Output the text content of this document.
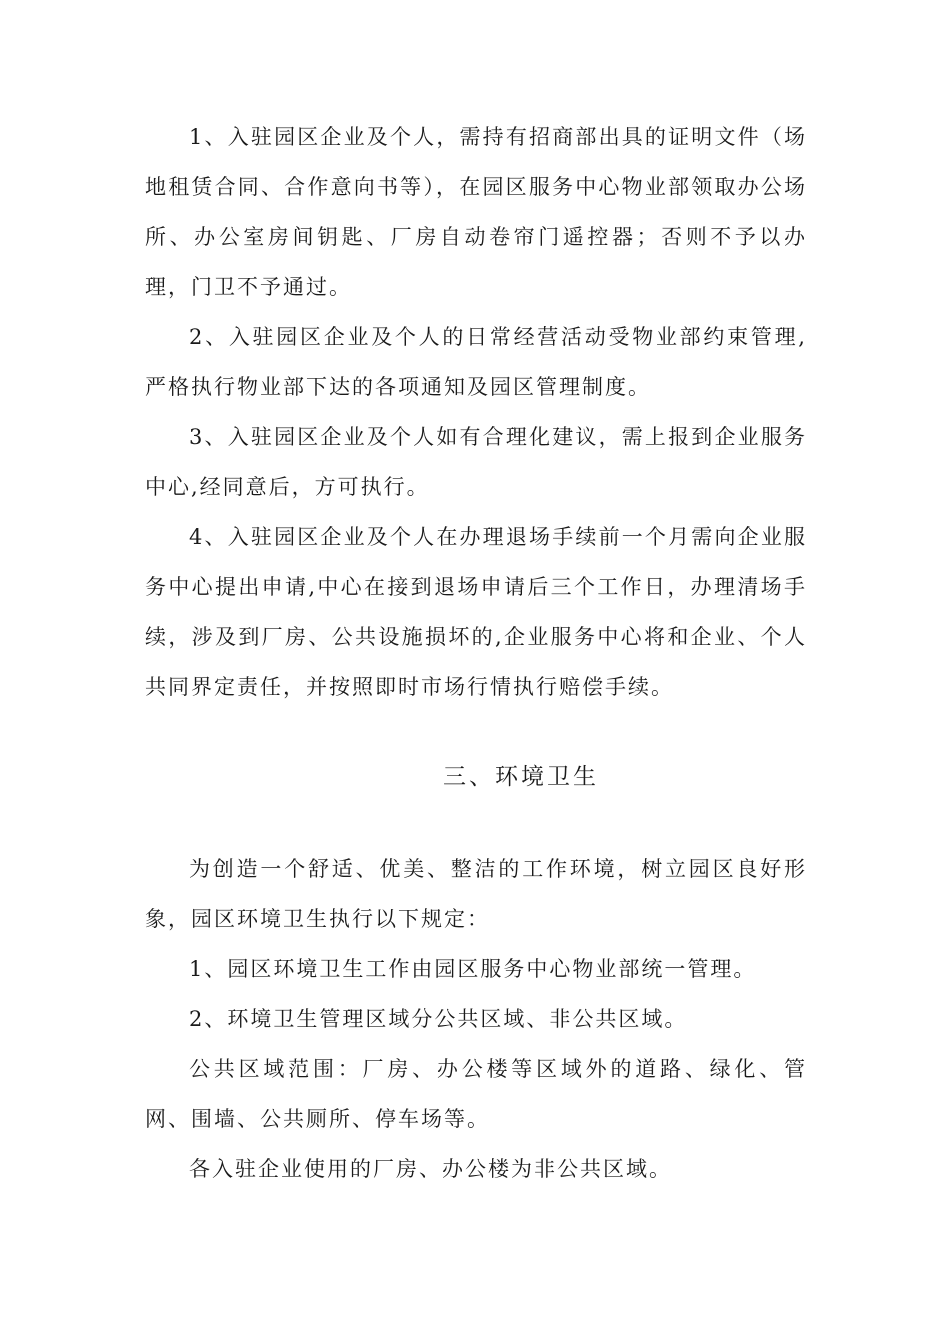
1、入驻园区企业及个人，需持有招商部出具的证明文件（场地租赁合同、合作意向书等），在园区服务中心物业部领取办公场所、办公室房间钥匙、厂房自动卷帘门遥控器；否则不予以办理，门卫不予通过。

2、入驻园区企业及个人的日常经营活动受物业部约束管理,严格执行物业部下达的各项通知及园区管理制度。

3、入驻园区企业及个人如有合理化建议，需上报到企业服务中心,经同意后，方可执行。

4、入驻园区企业及个人在办理退场手续前一个月需向企业服务中心提出申请,中心在接到退场申请后三个工作日，办理清场手续，涉及到厂房、公共设施损坏的,企业服务中心将和企业、个人共同界定责任，并按照即时市场行情执行赔偿手续。

三、环境卫生

为创造一个舒适、优美、整洁的工作环境，树立园区良好形象，园区环境卫生执行以下规定：

1、园区环境卫生工作由园区服务中心物业部统一管理。

2、环境卫生管理区域分公共区域、非公共区域。

公共区域范围：厂房、办公楼等区域外的道路、绿化、管网、围墙、公共厕所、停车场等。

各入驻企业使用的厂房、办公楼为非公共区域。
